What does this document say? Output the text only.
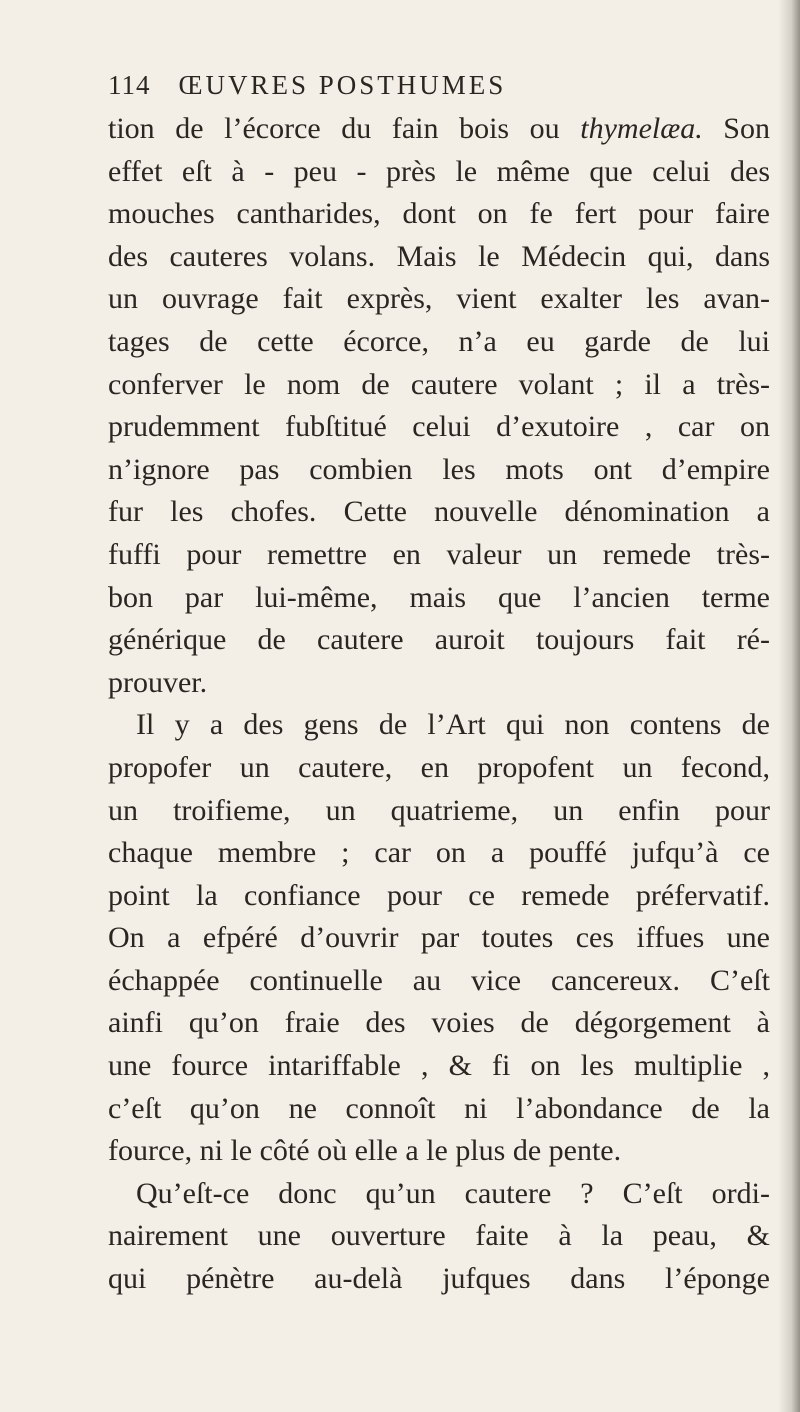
114 ŒUVRES POSTHUMES
tion de l’écorce du fain bois ou thymelæa. Son
effet eſt à - peu - près le même que celui des
mouches cantharides, dont on fe fert pour faire
des cauteres volans. Mais le Médecin qui, dans
un ouvrage fait exprès, vient exalter les avan-
tages de cette écorce, n’a eu garde de lui
conferver le nom de cautere volant ; il a très-
prudemment fubſtitué celui d’exutoire , car on
n’ignore pas combien les mots ont d’empire
fur les chofes. Cette nouvelle dénomination a
fuffi pour remettre en valeur un remede très-
bon par lui-même, mais que l’ancien terme
générique de cautere auroit toujours fait ré-
prouver.
Il y a des gens de l’Art qui non contens de
propofer un cautere, en propofent un fecond,
un troifieme, un quatrieme, un enfin pour
chaque membre ; car on a pouffé jufqu’à ce
point la confiance pour ce remede préfervatif.
On a efpéré d’ouvrir par toutes ces iffues une
échappée continuelle au vice cancereux. C’eſt
ainfi qu’on fraie des voies de dégorgement à
une fource intariffable , & fi on les multiplie ,
c’eſt qu’on ne connoît ni l’abondance de la
fource, ni le côté où elle a le plus de pente.
Qu’eſt-ce donc qu’un cautere ? C’eſt ordi-
nairement une ouverture faite à la peau, &
qui pénètre au-delà jufques dans l’éponge
